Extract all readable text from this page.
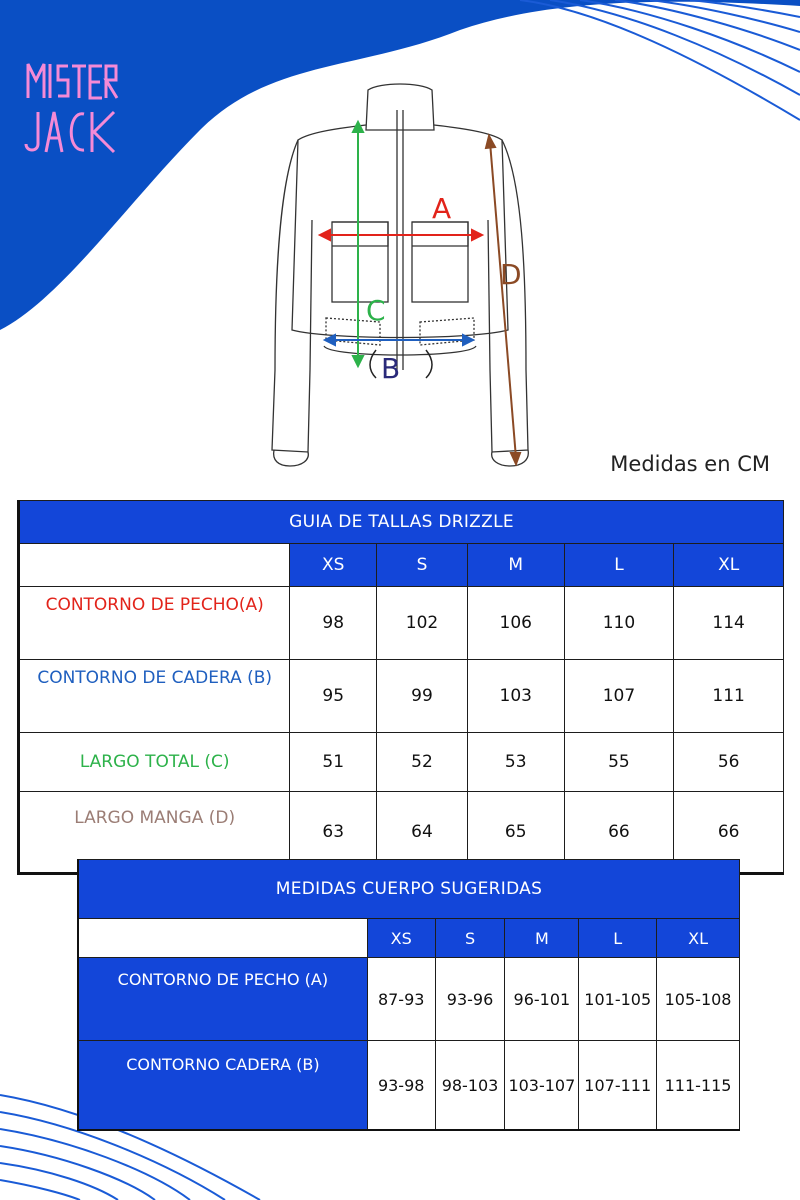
A
C
B
D
Medidas en CM
GUIA DE TALLAS DRIZZLE					
	XS	S	M	L	XL
CONTORNO DE PECHO(A)	98	102	106	110	114
CONTORNO DE CADERA (B)	95	99	103	107	111
LARGO TOTAL (C)	51	52	53	55	56
LARGO MANGA (D)	63	64	65	66	66
MEDIDAS CUERPO SUGERIDAS					
	XS	S	M	L	XL
CONTORNO DE PECHO (A)	87-93	93-96	96-101	101-105	105-108
CONTORNO CADERA (B)	93-98	98-103	103-107	107-111	111-115
